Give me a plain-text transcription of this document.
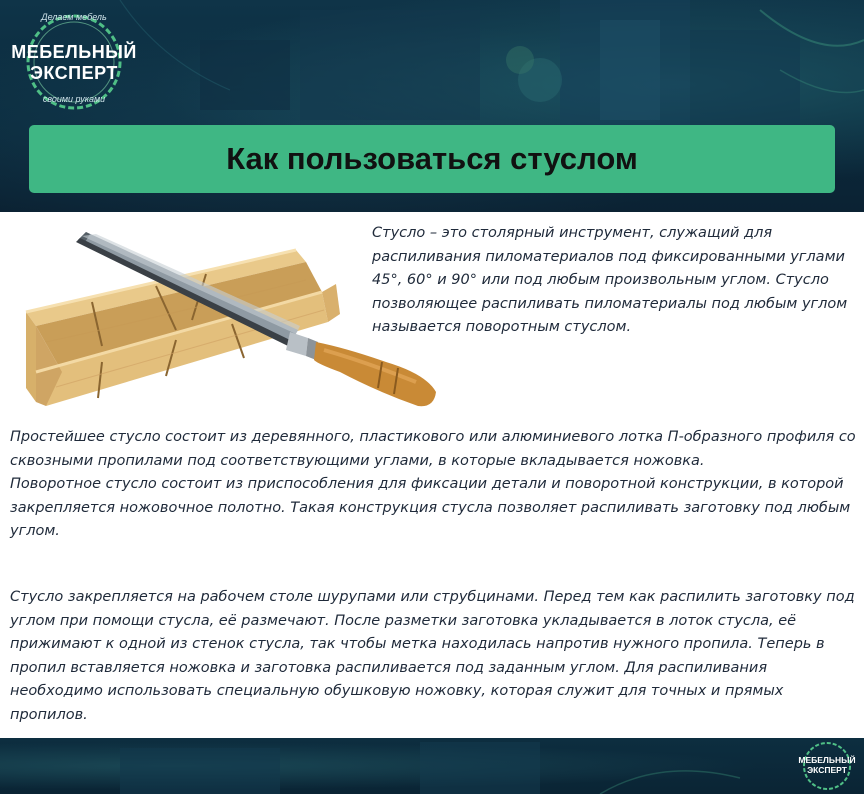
МЕБЕЛЬНЫЙ
ЭКСПЕРТ
Делаем мебель
своими руками
Как пользоваться стуслом

Стусло – это столярный инструмент, служащий для распиливания пиломатериалов под фиксированными углами 45°, 60° и 90° или под любым произвольным углом. Стусло позволяющее распиливать пиломатериалы под любым углом называется поворотным стуслом.

Простейшее стусло состоит из деревянного, пластикового или алюминиевого лотка П-образного профиля со сквозными пропилами под соответствующими углами, в которые вкладывается ножовка.
Поворотное стусло состоит из приспособления для фиксации детали и поворотной конструкции, в которой закрепляется ножовочное полотно. Такая конструкция стусла позволяет распиливать заготовку под любым углом.

Стусло закрепляется на рабочем столе шурупами или струбцинами. Перед тем как распилить заготовку под углом при помощи стусла, её размечают. После разметки заготовка укладывается в лоток стусла, её прижимают к одной из стенок стусла, так чтобы метка находилась напротив нужного пропила. Теперь в пропил вставляется ножовка и заготовка распиливается под заданным углом. Для распиливания необходимо использовать специальную обушковую ножовку, которая служит для точных и прямых пропилов.

МЕБЕЛЬНЫЙ
ЭКСПЕРТ
